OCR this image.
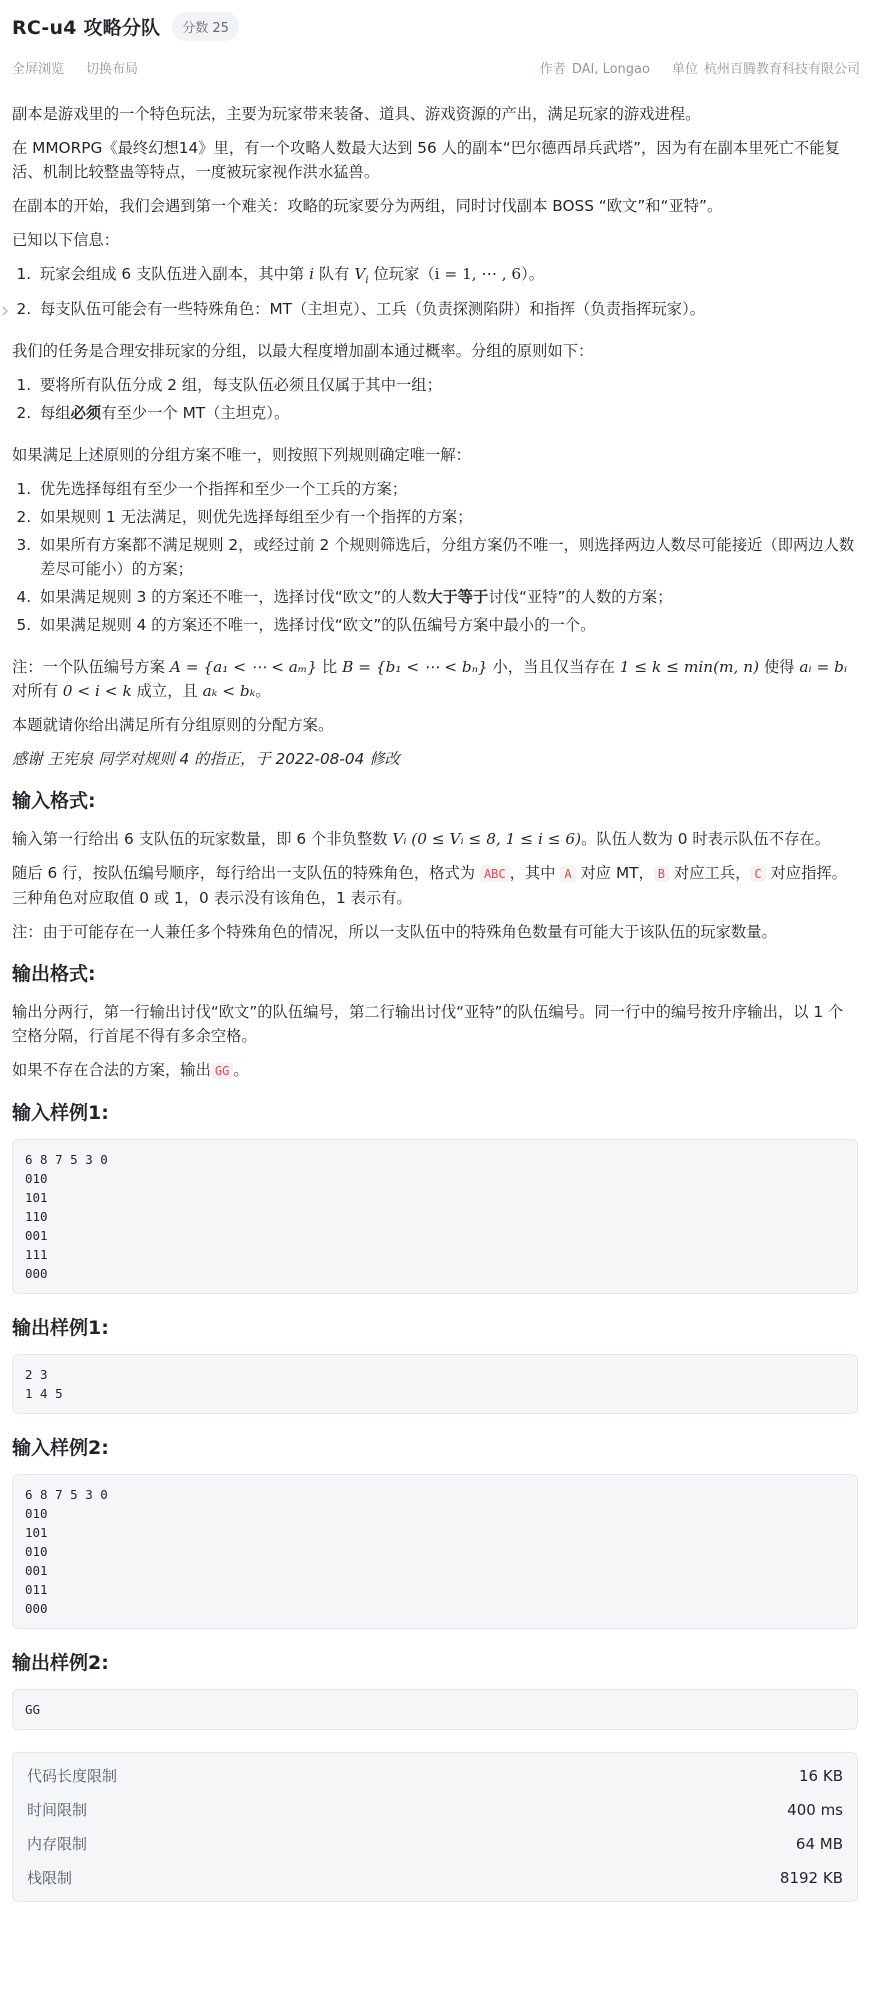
RC-u4 攻略分队	分数 25
全屏浏览 切换布局	作者 DAI, Longao 单位 杭州百腾教育科技有限公司

副本是游戏里的一个特色玩法，主要为玩家带来装备、道具、游戏资源的产出，满足玩家的游戏进程。

在 MMORPG《最终幻想14》里，有一个攻略人数最大达到 56 人的副本“巴尔德西昂兵武塔”，因为有在副本里死亡不能复活、机制比较整蛊等特点，一度被玩家视作洪水猛兽。

在副本的开始，我们会遇到第一个难关：攻略的玩家要分为两组，同时讨伐副本 BOSS “欧文”和“亚特”。

已知以下信息：

1. 玩家会组成 6 支队伍进入副本，其中第 i 队有 $V_i$ 位玩家（i = 1, ⋯ , 6）。
2. 每支队伍可能会有一些特殊角色：MT（主坦克）、工兵（负责探测陷阱）和指挥（负责指挥玩家）。

我们的任务是合理安排玩家的分组，以最大程度增加副本通过概率。分组的原则如下：

1. 要将所有队伍分成 2 组，每支队伍必须且仅属于其中一组；
2. 每组必须有至少一个 MT（主坦克）。

如果满足上述原则的分组方案不唯一，则按照下列规则确定唯一解：

1. 优先选择每组有至少一个指挥和至少一个工兵的方案；
2. 如果规则 1 无法满足，则优先选择每组至少有一个指挥的方案；
3. 如果所有方案都不满足规则 2，或经过前 2 个规则筛选后，分组方案仍不唯一，则选择两边人数尽可能接近（即两边人数差尽可能小）的方案；
4. 如果满足规则 3 的方案还不唯一，选择讨伐“欧文”的人数大于等于讨伐“亚特”的人数的方案；
5. 如果满足规则 4 的方案还不唯一，选择讨伐“欧文”的队伍编号方案中最小的一个。

注：一个队伍编号方案 A = {a₁ < ⋯ < aₘ} 比 B = {b₁ < ⋯ < bₙ} 小，当且仅当存在 1 ≤ k ≤ min(m, n) 使得 aᵢ = bᵢ 对所有 0 < i < k 成立，且 aₖ < bₖ。

本题就请你给出满足所有分组原则的分配方案。

感谢 王宪泉 同学对规则 4 的指正，于 2022-08-04 修改

输入格式:

输入第一行给出 6 支队伍的玩家数量，即 6 个非负整数 Vᵢ (0 ≤ Vᵢ ≤ 8, 1 ≤ i ≤ 6)。队伍人数为 0 时表示队伍不存在。

随后 6 行，按队伍编号顺序，每行给出一支队伍的特殊角色，格式为 ABC ，其中 A 对应 MT， B 对应工兵， C 对应指挥。三种角色对应取值 0 或 1，0 表示没有该角色，1 表示有。

注：由于可能存在一人兼任多个特殊角色的情况，所以一支队伍中的特殊角色数量有可能大于该队伍的玩家数量。

输出格式:

输出分两行，第一行输出讨伐“欧文”的队伍编号，第二行输出讨伐“亚特”的队伍编号。同一行中的编号按升序输出，以 1 个空格分隔，行首尾不得有多余空格。

如果不存在合法的方案，输出 GG 。

输入样例1:
6 8 7 5 3 0
010
101
110
001
111
000
输出样例1:
2 3
1 4 5
输入样例2:
6 8 7 5 3 0
010
101
010
001
011
000
输出样例2:
GG
代码长度限制	16 KB
时间限制	400 ms
内存限制	64 MB
栈限制	8192 KB
